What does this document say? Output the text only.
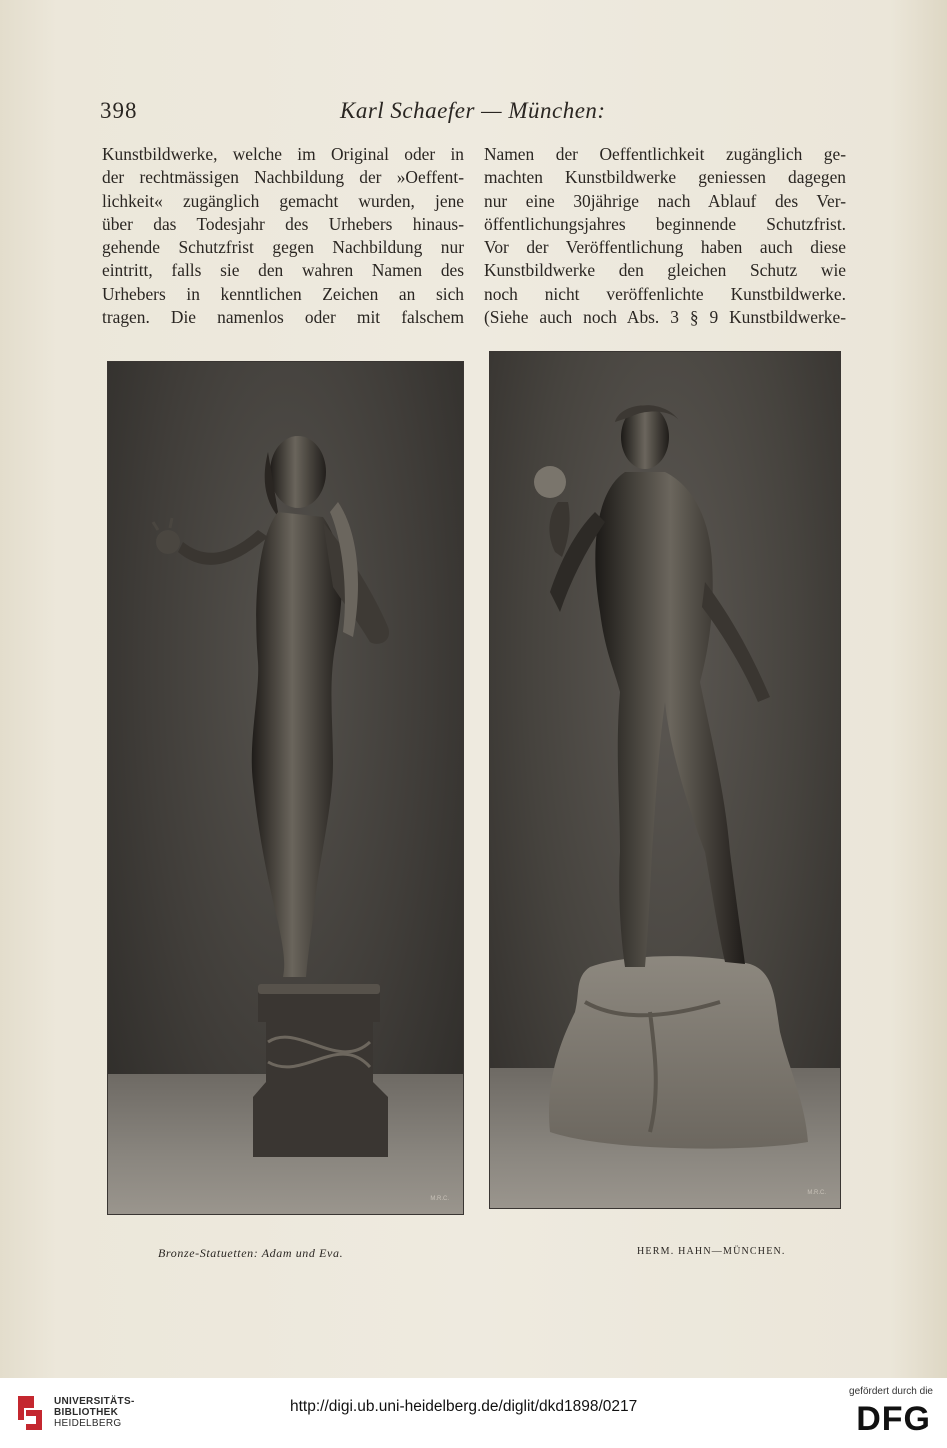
398	Karl Schaefer — München:
Kunstbildwerke, welche im Original oder in
der rechtmässigen Nachbildung der »Oeffent-
lichkeit« zugänglich gemacht wurden, jene
über das Todesjahr des Urhebers hinaus-
gehende Schutzfrist gegen Nachbildung nur
eintritt, falls sie den wahren Namen des
Urhebers in kenntlichen Zeichen an sich
tragen. Die namenlos oder mit falschem
Namen der Oeffentlichkeit zugänglich ge-
machten Kunstbildwerke geniessen dagegen
nur eine 30jährige nach Ablauf des Ver-
öffentlichungsjahres beginnende Schutzfrist.
Vor der Veröffentlichung haben auch diese
Kunstbildwerke den gleichen Schutz wie
noch nicht veröffenlichte Kunstbildwerke.
(Siehe auch noch Abs. 3 § 9 Kunstbildwerke-
M.R.C.
M.R.C.
Bronze-Statuetten: Adam und Eva.	HERM. HAHN—MÜNCHEN.
UNIVERSITÄTS-
BIBLIOTHEK
HEIDELBERG
http://digi.ub.uni-heidelberg.de/diglit/dkd1898/0217
gefördert durch die
DFG
